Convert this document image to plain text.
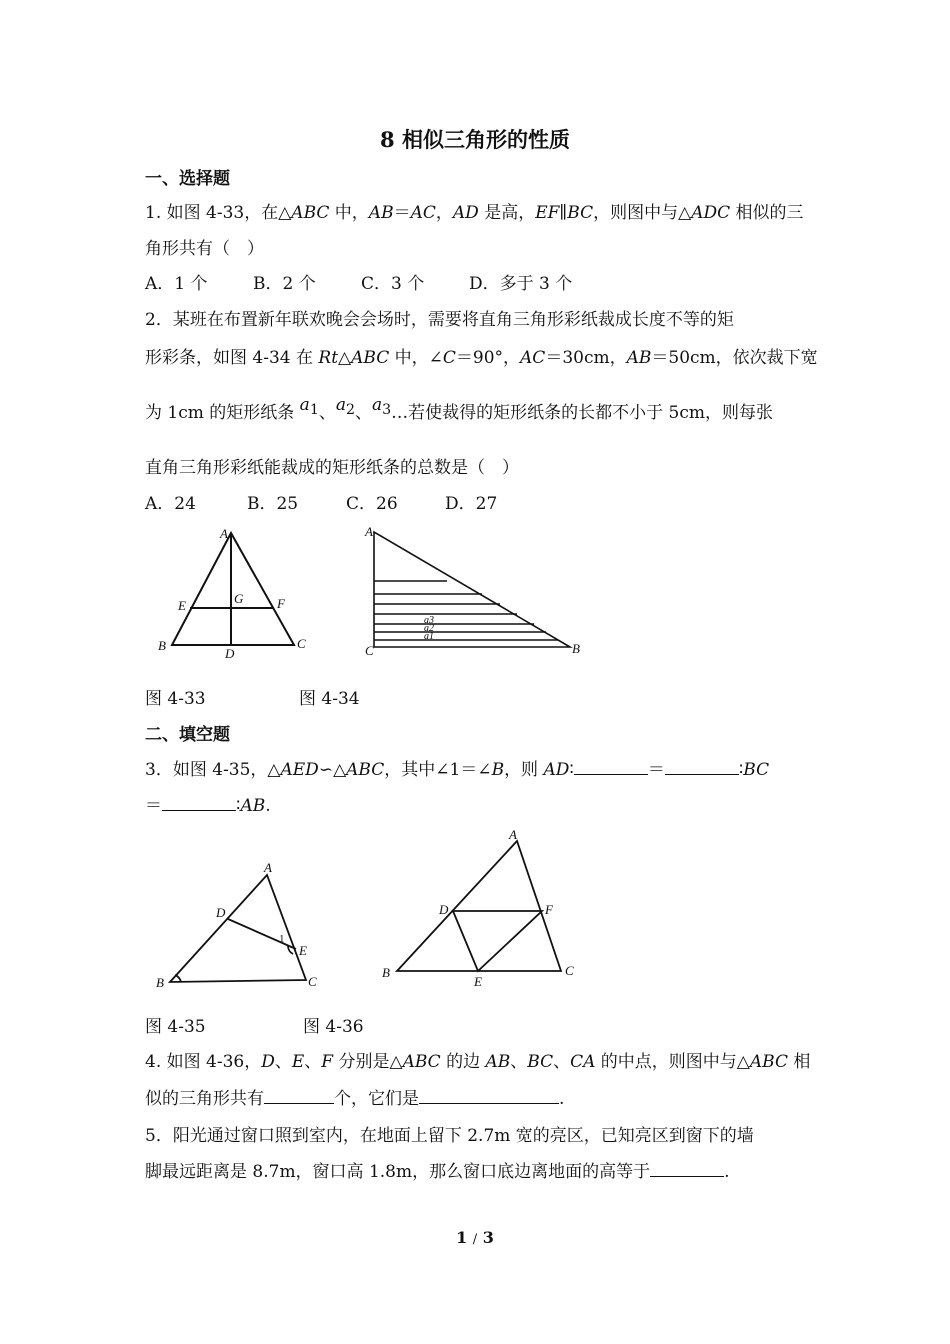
8 相似三角形的性质
一、选择题
1. 如图 4-33，在△ABC 中，AB＝AC，AD 是高，EF∥BC，则图中与△ADC 相似的三
角形共有（　）
A．1 个	B．2 个	C．3 个	D．多于 3 个
2．某班在布置新年联欢晚会会场时，需要将直角三角形彩纸裁成长度不等的矩
形彩条，如图 4-34 在 Rt△ABC 中，∠C＝90°，AC＝30cm，AB＝50cm，依次裁下宽
为 1cm 的矩形纸条 $a_1$、$a_2$、$a_3\dots$若使裁得的矩形纸条的长都不小于 5cm，则每张
直角三角形彩纸能裁成的矩形纸条的总数是（　）
A．24	B．25	C．26	D．27
A
B	C
D
E	F
G
A
C	B
a3
a2
a1
图 4-33	图 4-34
二、填空题
3．如图 4-35，△AED∽△ABC，其中∠1＝∠B，则 AD∶	＝	∶BC
＝	∶AB.
A
B	C
D
E
1
A
B	C
D
E
F
图 4-35	图 4-36
4. 如图 4-36，D、E、F 分别是△ABC 的边 AB、BC、CA 的中点，则图中与△ABC 相
似的三角形共有	个，它们是	.
5．阳光通过窗口照到室内，在地面上留下 2.7m 宽的亮区，已知亮区到窗下的墙
脚最远距离是 8.7m，窗口高 1.8m，那么窗口底边离地面的高等于	.
1 / 3
